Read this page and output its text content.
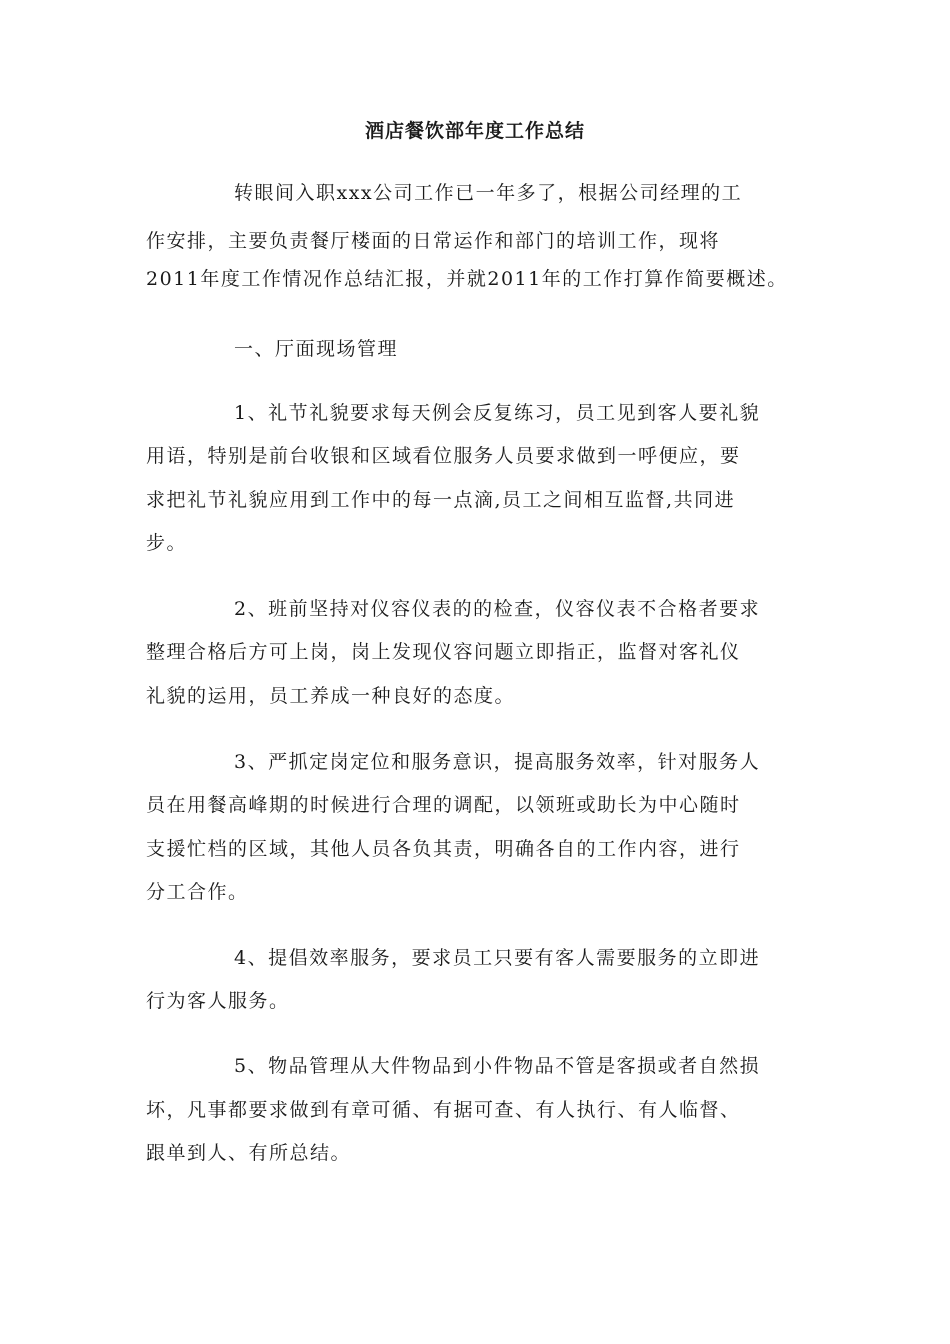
酒店餐饮部年度工作总结
转眼间入职xxx公司工作已一年多了，根据公司经理的工
作安排，主要负责餐厅楼面的日常运作和部门的培训工作，现将
2011年度工作情况作总结汇报，并就2011年的工作打算作简要概述。
一、厅面现场管理
1、礼节礼貌要求每天例会反复练习，员工见到客人要礼貌
用语，特别是前台收银和区域看位服务人员要求做到一呼便应，要
求把礼节礼貌应用到工作中的每一点滴,员工之间相互监督,共同进
步。
2、班前坚持对仪容仪表的的检查，仪容仪表不合格者要求
整理合格后方可上岗，岗上发现仪容问题立即指正，监督对客礼仪
礼貌的运用，员工养成一种良好的态度。
3、严抓定岗定位和服务意识，提高服务效率，针对服务人
员在用餐高峰期的时候进行合理的调配，以领班或助长为中心随时
支援忙档的区域，其他人员各负其责，明确各自的工作内容，进行
分工合作。
4、提倡效率服务，要求员工只要有客人需要服务的立即进
行为客人服务。
5、物品管理从大件物品到小件物品不管是客损或者自然损
坏，凡事都要求做到有章可循、有据可查、有人执行、有人临督、
跟单到人、有所总结。
